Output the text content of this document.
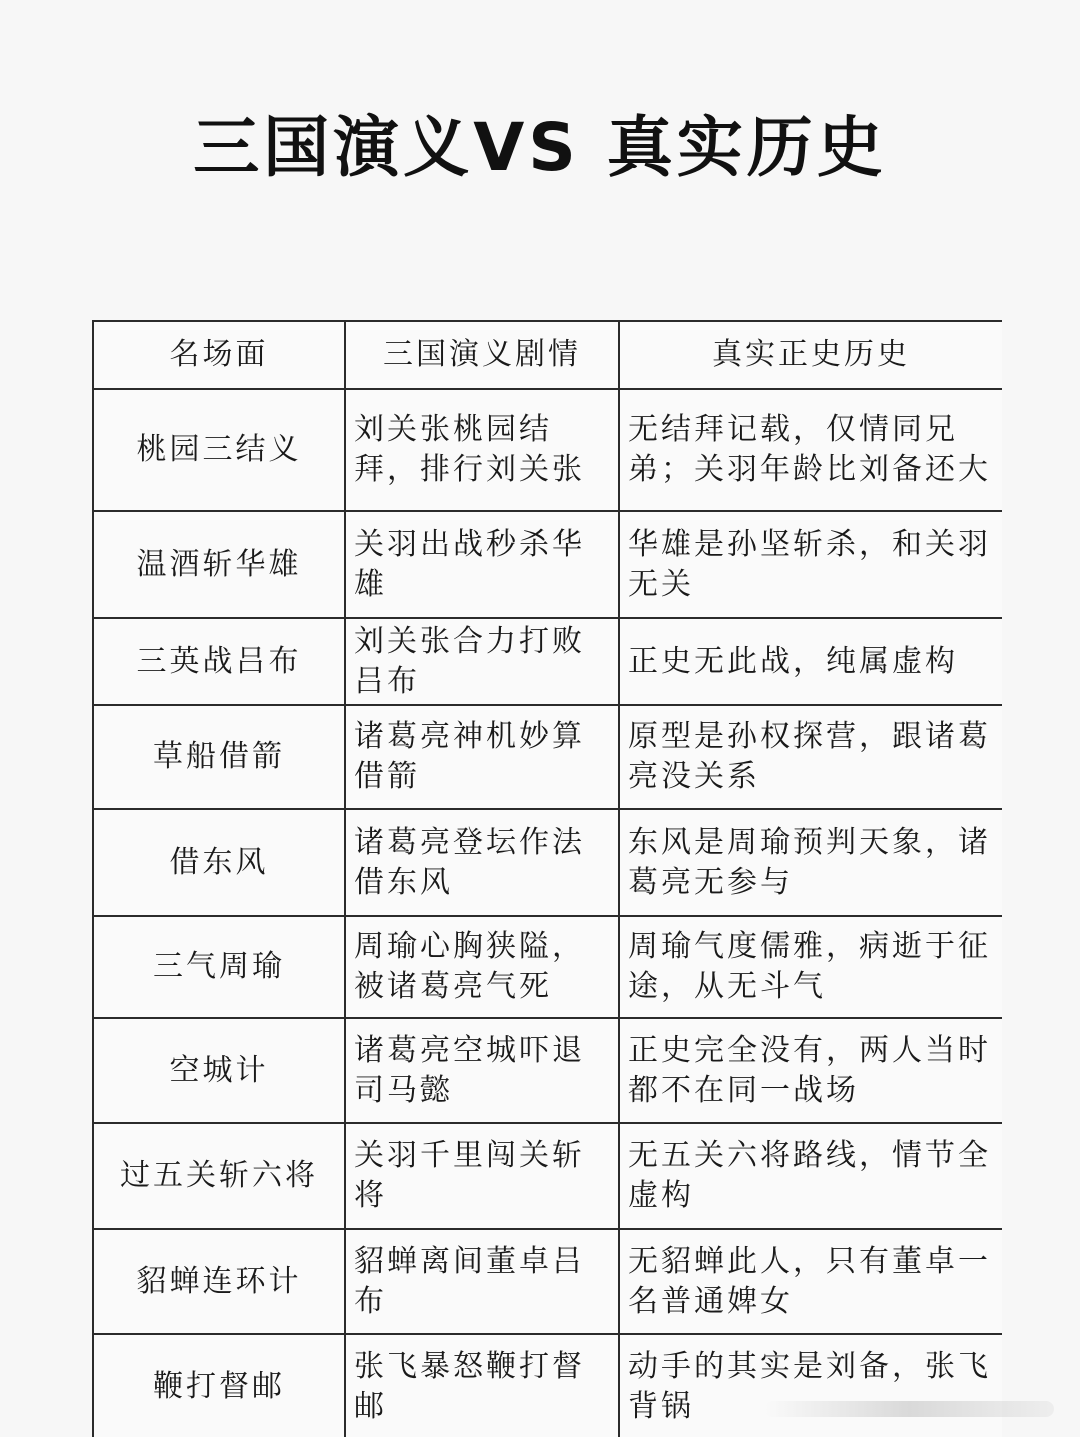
三国演义VS 真实历史
名场面	三国演义剧情	真实正史历史
桃园三结义	刘关张桃园结拜，排行刘关张	无结拜记载，仅情同兄弟；关羽年龄比刘备还大
温酒斩华雄	关羽出战秒杀华雄	华雄是孙坚斩杀，和关羽无关
三英战吕布	刘关张合力打败吕布	正史无此战，纯属虚构
草船借箭	诸葛亮神机妙算借箭	原型是孙权探营，跟诸葛亮没关系
借东风	诸葛亮登坛作法借东风	东风是周瑜预判天象，诸葛亮无参与
三气周瑜	周瑜心胸狭隘，被诸葛亮气死	周瑜气度儒雅，病逝于征途，从无斗气
空城计	诸葛亮空城吓退司马懿	正史完全没有，两人当时都不在同一战场
过五关斩六将	关羽千里闯关斩将	无五关六将路线，情节全虚构
貂蝉连环计	貂蝉离间董卓吕布	无貂蝉此人，只有董卓一名普通婢女
鞭打督邮	张飞暴怒鞭打督邮	动手的其实是刘备，张飞背锅
